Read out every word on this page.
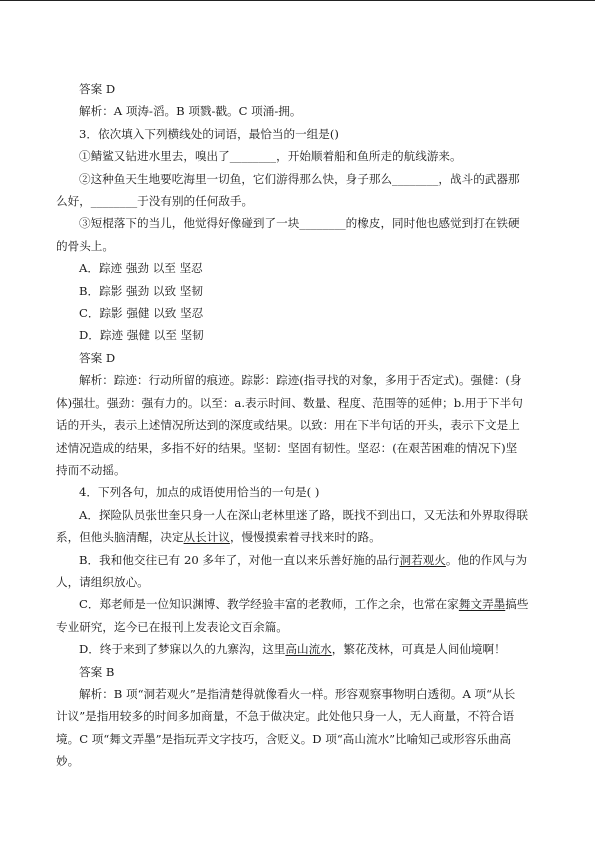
答案 D

解析：A 项涛-滔。B 项戮-戳。C 项涌-拥。

3．依次填入下列横线处的词语，最恰当的一组是()

①鲭鲨又钻进水里去，嗅出了________，开始顺着船和鱼所走的航线游来。

②这种鱼天生地要吃海里一切鱼，它们游得那么快，身子那么________，战斗的武器那

么好，________于没有别的任何敌手。

③短棍落下的当儿，他觉得好像碰到了一块________的橡皮，同时他也感觉到打在铁硬

的骨头上。

A．踪迹 强劲 以至 坚忍

B．踪影 强劲 以致 坚韧

C．踪影 强健 以致 坚忍

D．踪迹 强健 以至 坚韧

答案 D

解析：踪迹：行动所留的痕迹。踪影：踪迹(指寻找的对象，多用于否定式)。强健：(身

体)强壮。强劲：强有力的。以至：a.表示时间、数量、程度、范围等的延伸；b.用于下半句

话的开头，表示上述情况所达到的深度或结果。以致：用在下半句话的开头，表示下文是上

述情况造成的结果，多指不好的结果。坚韧：坚固有韧性。坚忍：(在艰苦困难的情况下)坚

持而不动摇。

4．下列各句，加点的成语使用恰当的一句是( )

A．探险队员张世奎只身一人在深山老林里迷了路，既找不到出口，又无法和外界取得联

系，但他头脑清醒，决定从长计议，慢慢摸索着寻找来时的路。

B．我和他交往已有 20 多年了，对他一直以来乐善好施的品行洞若观火。他的作风与为

人，请组织放心。

C．郑老师是一位知识渊博、教学经验丰富的老教师，工作之余，也常在家舞文弄墨搞些

专业研究，迄今已在报刊上发表论文百余篇。

D．终于来到了梦寐以久的九寨沟，这里高山流水，繁花茂林，可真是人间仙境啊！

答案 B

解析：B 项“洞若观火”是指清楚得就像看火一样。形容观察事物明白透彻。A 项“从长

计议”是指用较多的时间多加商量，不急于做决定。此处他只身一人，无人商量，不符合语

境。C 项“舞文弄墨”是指玩弄文字技巧，含贬义。D 项“高山流水”比喻知己或形容乐曲高

妙。
